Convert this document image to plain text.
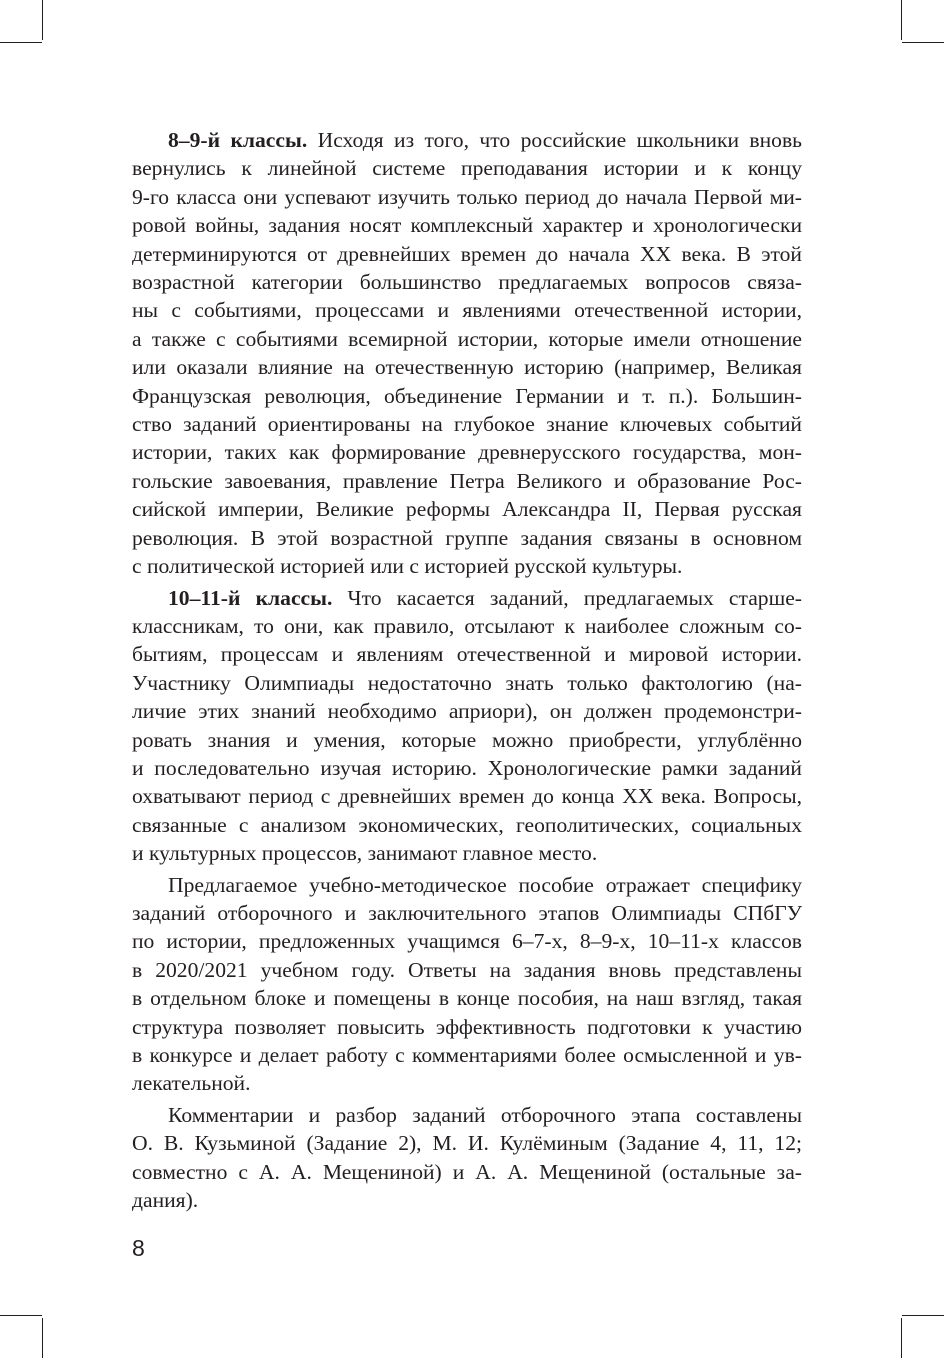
8–9-й классы. Исходя из того, что российские школьники вновь
вернулись к линейной системе преподавания истории и к концу
9-го класса они успевают изучить только период до начала Первой ми-
ровой войны, задания носят комплексный характер и хронологически
детерминируются от древнейших времен до начала XX века. В этой
возрастной категории большинство предлагаемых вопросов связа-
ны с событиями, процессами и явлениями отечественной истории,
а также с событиями всемирной истории, которые имели отношение
или оказали влияние на отечественную историю (например, Великая
Французская революция, объединение Германии и т. п.). Большин-
ство заданий ориентированы на глубокое знание ключевых событий
истории, таких как формирование древнерусского государства, мон-
гольские завоевания, правление Петра Великого и образование Рос-
сийской империи, Великие реформы Александра II, Первая русская
революция. В этой возрастной группе задания связаны в основном
с политической историей или с историей русской культуры.
10–11-й классы. Что касается заданий, предлагаемых старше-
классникам, то они, как правило, отсылают к наиболее сложным со-
бытиям, процессам и явлениям отечественной и мировой истории.
Участнику Олимпиады недостаточно знать только фактологию (на-
личие этих знаний необходимо априори), он должен продемонстри-
ровать знания и умения, которые можно приобрести, углублённо
и последовательно изучая историю. Хронологические рамки заданий
охватывают период с древнейших времен до конца XX века. Вопросы,
связанные с анализом экономических, геополитических, социальных
и культурных процессов, занимают главное место.
Предлагаемое учебно-методическое пособие отражает специфику
заданий отборочного и заключительного этапов Олимпиады СПбГУ
по истории, предложенных учащимся 6–7-х, 8–9-х, 10–11-х классов
в 2020/2021 учебном году. Ответы на задания вновь представлены
в отдельном блоке и помещены в конце пособия, на наш взгляд, такая
структура позволяет повысить эффективность подготовки к участию
в конкурсе и делает работу с комментариями более осмысленной и ув-
лекательной.
Комментарии и разбор заданий отборочного этапа составлены
О. В. Кузьминой (Задание 2), М. И. Кулёминым (Задание 4, 11, 12;
совместно с А. А. Мещениной) и А. А. Мещениной (остальные за-
дания).
8
